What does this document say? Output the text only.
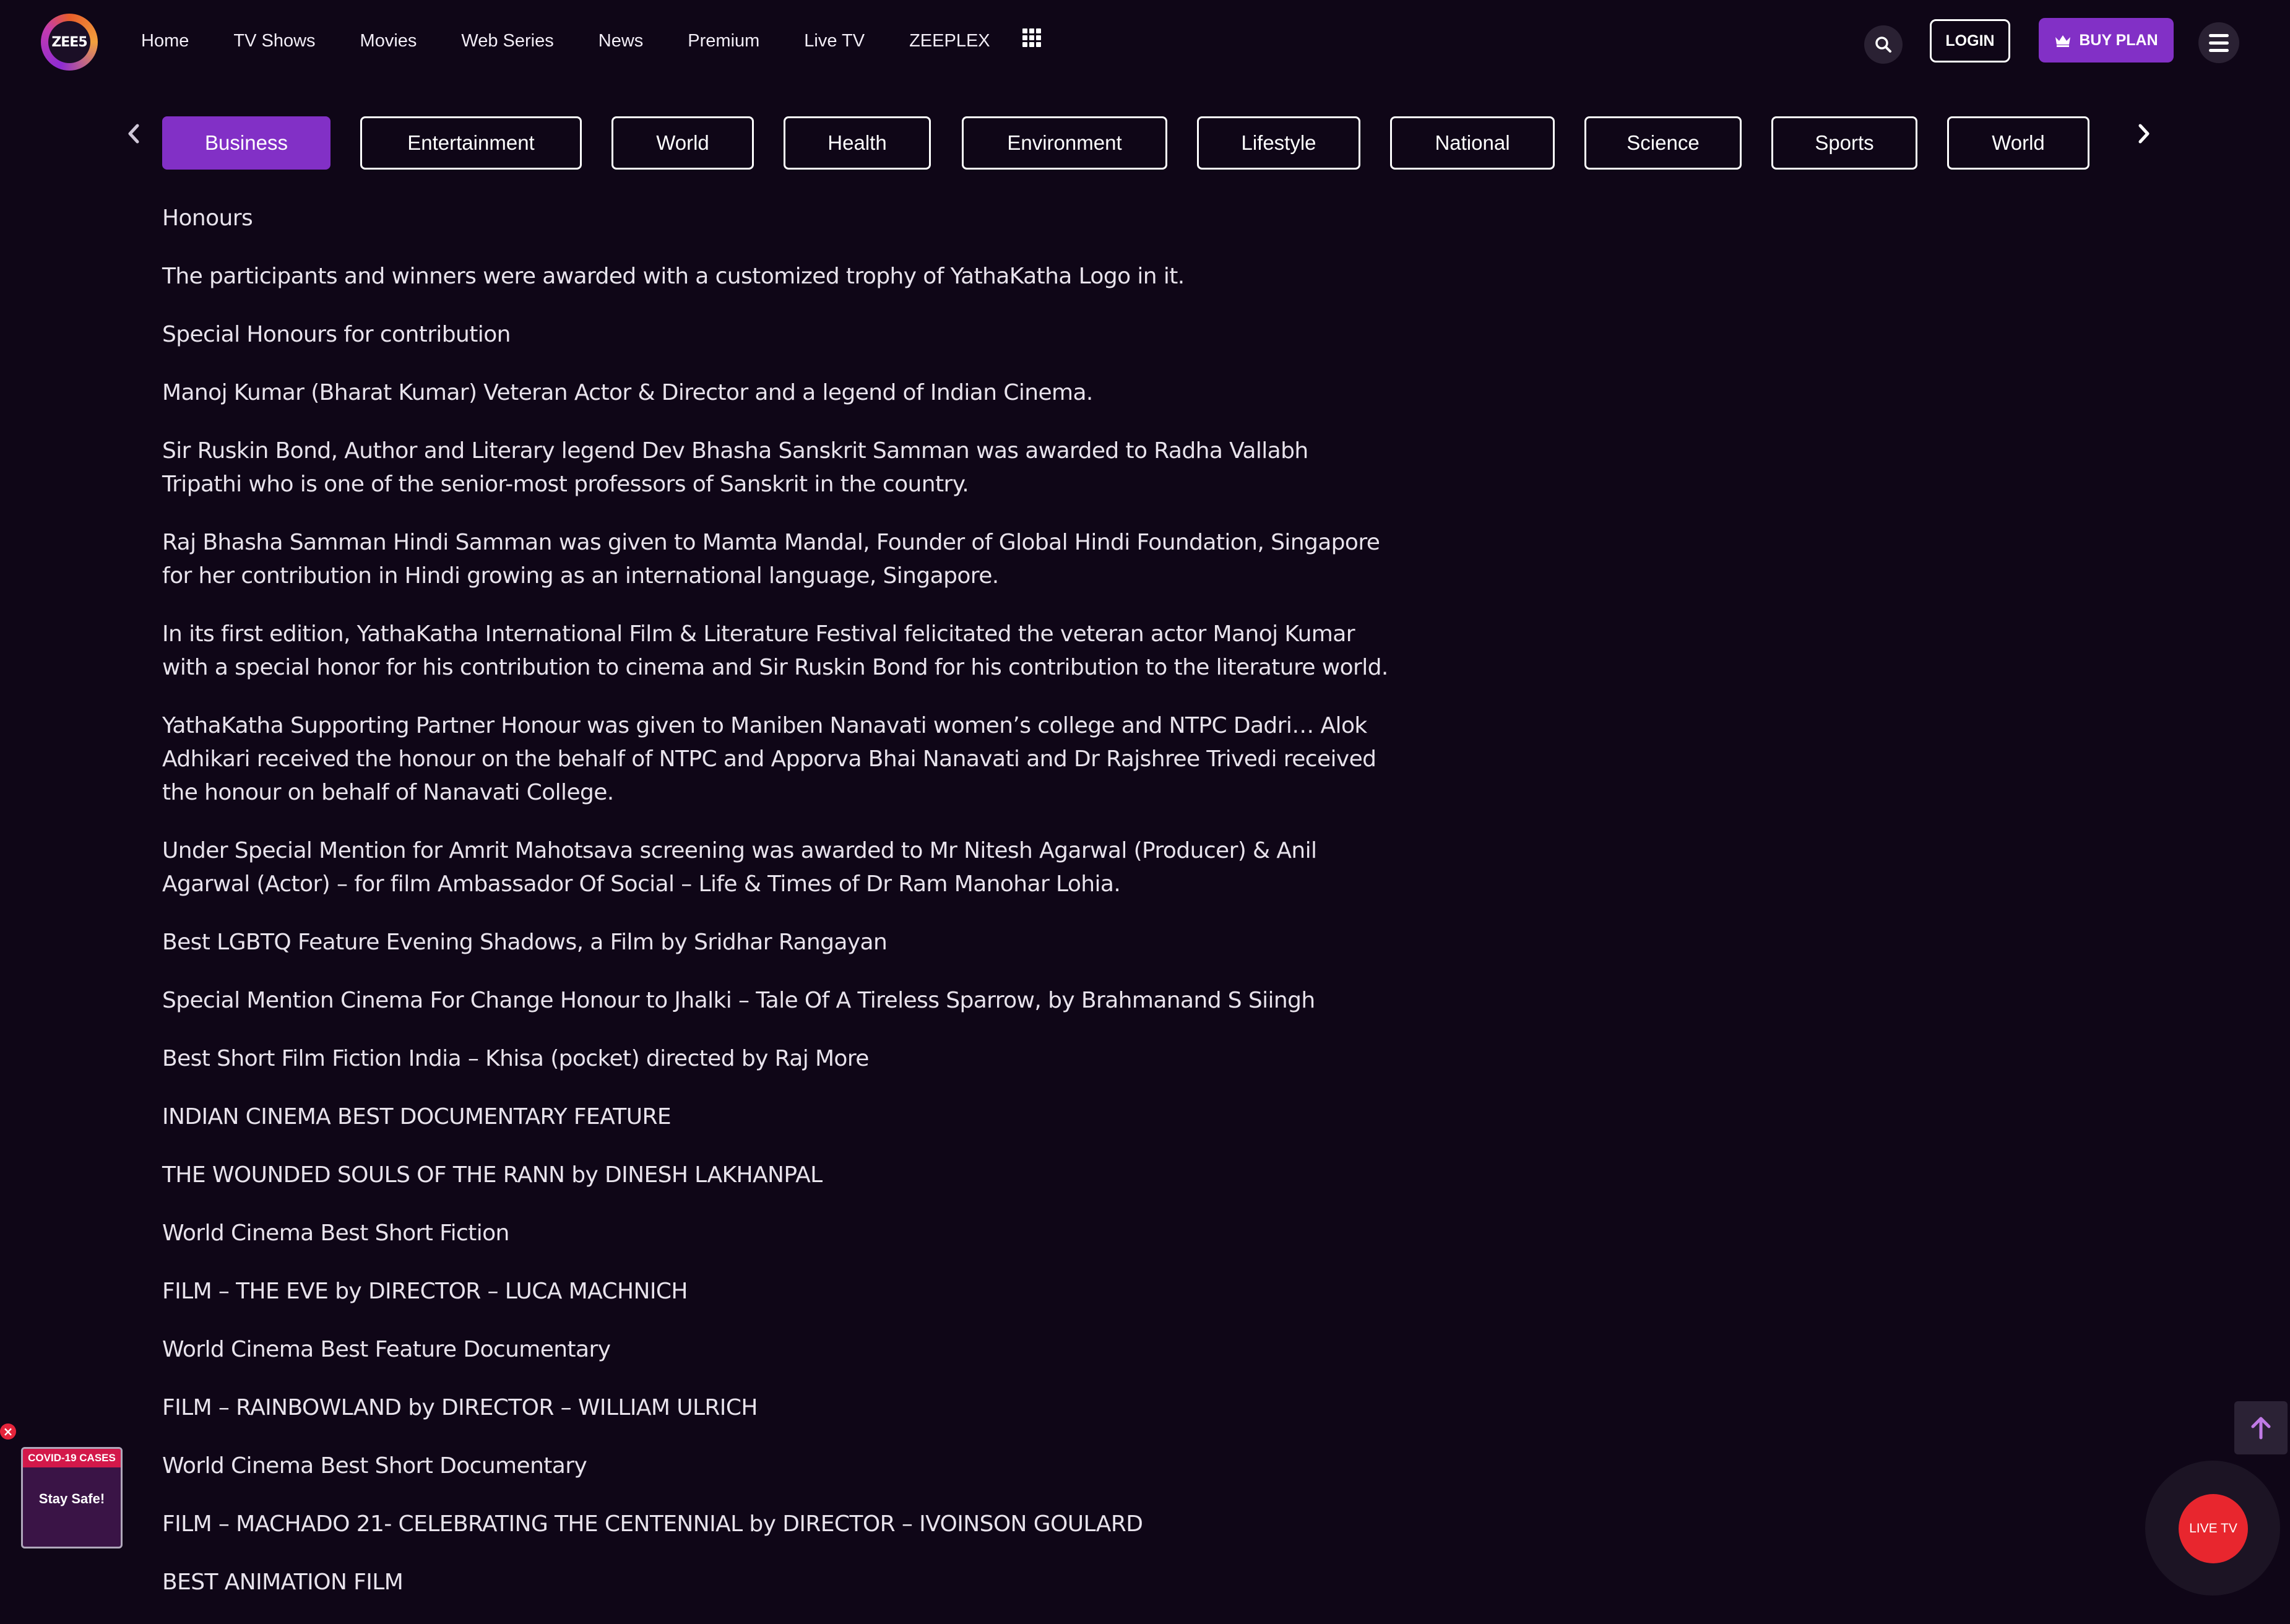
ZEE5	Home TV Shows Movies Web Series News Premium Live TV ZEEPLEX	LOGIN	BUY PLAN
Business	Entertainment	World	Health	Environment	Lifestyle	National	Science	Sports	World

Honours

The participants and winners were awarded with a customized trophy of YathaKatha Logo in it.

Special Honours for contribution

Manoj Kumar (Bharat Kumar) Veteran Actor & Director and a legend of Indian Cinema.

Sir Ruskin Bond, Author and Literary legend Dev Bhasha Sanskrit Samman was awarded to Radha Vallabh Tripathi who is one of the senior-most professors of Sanskrit in the country.

Raj Bhasha Samman Hindi Samman was given to Mamta Mandal, Founder of Global Hindi Foundation, Singapore for her contribution in Hindi growing as an international language, Singapore.

In its first edition, YathaKatha International Film & Literature Festival felicitated the veteran actor Manoj Kumar with a special honor for his contribution to cinema and Sir Ruskin Bond for his contribution to the literature world.

YathaKatha Supporting Partner Honour was given to Maniben Nanavati women’s college and NTPC Dadri… Alok Adhikari received the honour on the behalf of NTPC and Apporva Bhai Nanavati and Dr Rajshree Trivedi received the honour on behalf of Nanavati College.

Under Special Mention for Amrit Mahotsava screening was awarded to Mr Nitesh Agarwal (Producer) & Anil Agarwal (Actor) – for film Ambassador Of Social – Life & Times of Dr Ram Manohar Lohia.

Best LGBTQ Feature Evening Shadows, a Film by Sridhar Rangayan

Special Mention Cinema For Change Honour to Jhalki – Tale Of A Tireless Sparrow, by Brahmanand S Siingh

Best Short Film Fiction India – Khisa (pocket) directed by Raj More

INDIAN CINEMA BEST DOCUMENTARY FEATURE

THE WOUNDED SOULS OF THE RANN by DINESH LAKHANPAL

World Cinema Best Short Fiction

FILM – THE EVE by DIRECTOR – LUCA MACHNICH

World Cinema Best Feature Documentary

FILM – RAINBOWLAND by DIRECTOR – WILLIAM ULRICH

World Cinema Best Short Documentary

FILM – MACHADO 21- CELEBRATING THE CENTENNIAL by DIRECTOR – IVOINSON GOULARD

BEST ANIMATION FILM

×
COVID-19 CASES
Stay Safe!
LIVE TV
